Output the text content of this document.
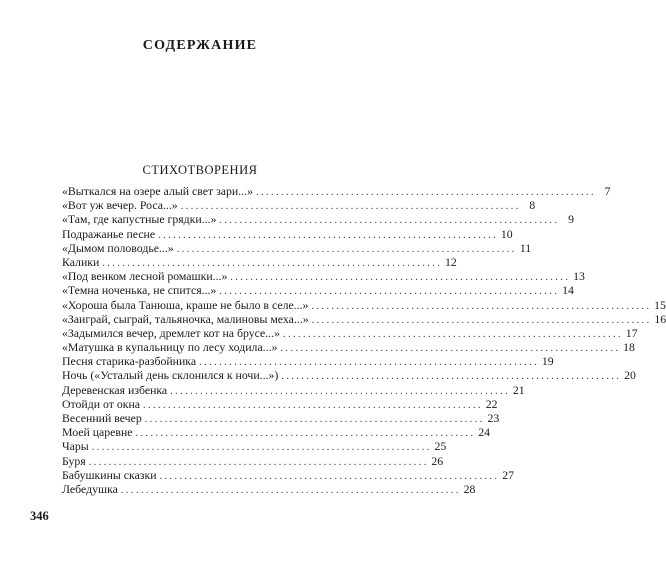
СОДЕРЖАНИЕ
СТИХОТВОРЕНИЯ
«Выткался на озере алый свет зари...» . . .	7
«Вот уж вечер. Роса...» . . .	8
«Там, где капустные грядки...» . . .	9
Подражанье песне . . .	10
«Дымом половодье...» . . .	11
Калики . . .	12
«Под венком лесной ромашки...» . . .	13
«Темна ноченька, не спится...» . . .	14
«Хороша была Танюша, краше не было в селе...» . . .	15
«Заиграй, сыграй, тальяночка, малиновы меха...» . . .	16
«Задымился вечер, дремлет кот на брусе...» . . .	17
«Матушка в купальницу по лесу ходила...» . . .	18
Песня старика-разбойника . . .	19
Ночь («Усталый день склонился к ночи...») . . .	20
Деревенская избенка . . .	21
Отойди от окна . . .	22
Весенний вечер . . .	23
Моей царевне . . .	24
Чары . . .	25
Буря . . .	26
Бабушкины сказки . . .	27
Лебедушка . . .	28
346
